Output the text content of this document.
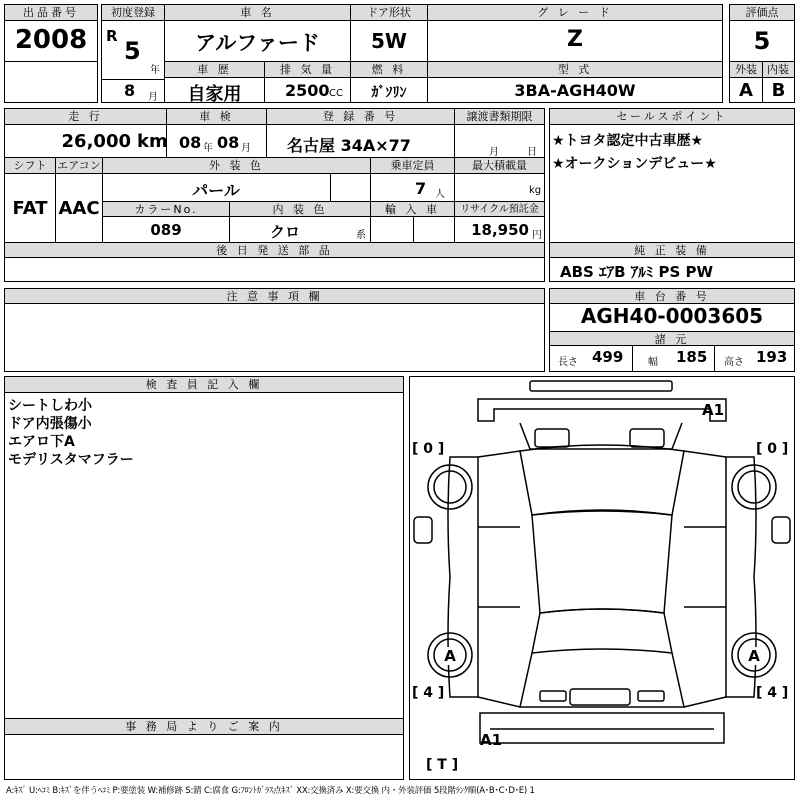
出品番号
2008
初度登録
R
5
年
8 月
車 名
アルファード
ドア形状
5W
グ レ ー ド
Z
評価点
5
外装 内装
A	B
車 歴
自家用
排 気 量
2500 CC
燃 料
ｶﾞｿﾘﾝ
型 式
3BA-AGH40W
走 行
26,000 km
車 検
08 年 08 月
登 録 番 号
名古屋 34A×77
譲渡書類期限
月	日
セールスポイント
★トヨタ認定中古車歴★
★オークションデビュー★
シフト
FAT
エアコン
AAC
外 装 色
パール
乗車定員
7 人
最大積載量
kg
カラーNo.
089
内 装 色
クロ	系
輸 入 車	リサイクル預託金
18,950 円
後 日 発 送 部 品	純 正 装 備
ABS ｴｱB ｱﾙﾐ PS PW
注 意 事 項 欄	車 台 番 号
AGH40-0003605
諸 元
長さ 499 幅 185 高さ 193
検 査 員 記 入 欄
シートしわ小
ドア内張傷小
エアロ下A
モデリスタマフラー
事 務 局 よ り ご 案 内
A1
A1
A	A
[ 0 ]	[ 0 ]
[ 4 ]	[ 4 ]
[ T ]
A:ｷｽﾞ U:ﾍｺﾐ B:ｷｽﾞを伴うﾍｺﾐ P:要塗装 W:補修跡 S:錆 C:腐食 G:ﾌﾛﾝﾄｶﾞﾗｽ点ｷｽﾞ XX:交換済み X:要交換 内・外装評価 5段階ﾗﾝｸ順(A･B･C･D･E) 1
